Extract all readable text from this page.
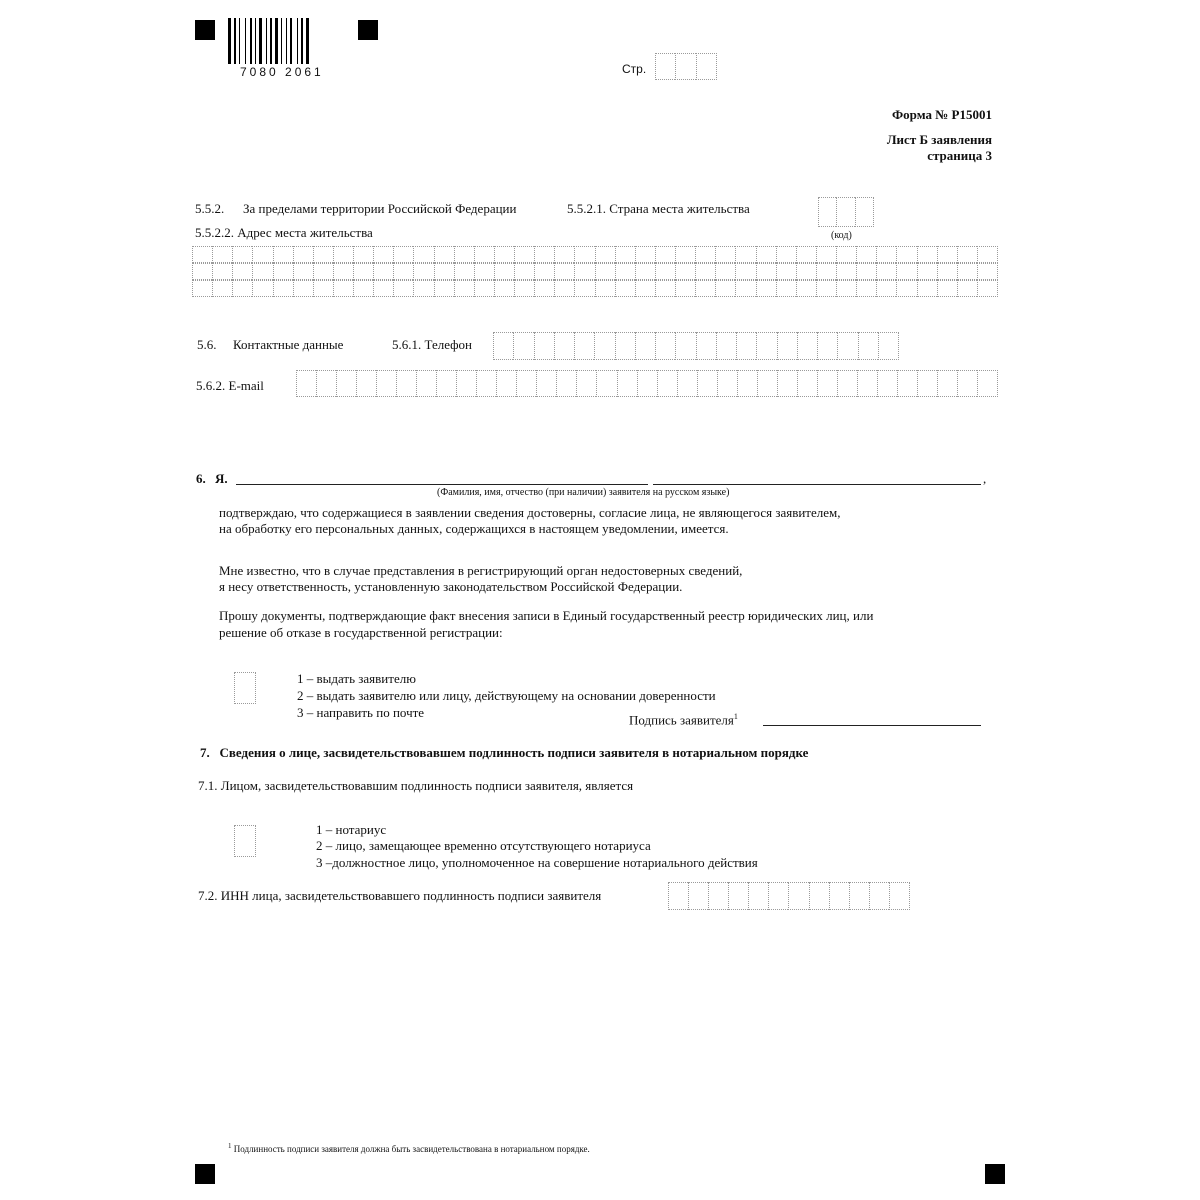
7080 2061	Стр.
Форма № Р15001
Лист Б заявления
страница 3
5.5.2. За пределами территории Российской Федерации	5.5.2.1. Страна места жительства
(код)
5.5.2.2. Адрес места жительства
5.6. Контактные данные	5.6.1. Телефон
5.6.2. E-mail
6. Я.	,
(Фамилия, имя, отчество (при наличии) заявителя на русском языке)
подтверждаю, что содержащиеся в заявлении сведения достоверны, согласие лица, не являющегося заявителем,
на обработку его персональных данных, содержащихся в настоящем уведомлении, имеется.
Мне известно, что в случае представления в регистрирующий орган недостоверных сведений,
я несу ответственность, установленную законодательством Российской Федерации.
Прошу документы, подтверждающие факт внесения записи в Единый государственный реестр юридических лиц, или
решение об отказе в государственной регистрации:
1 – выдать заявителю
2 – выдать заявителю или лицу, действующему на основании доверенности
3 – направить по почте	Подпись заявителя$^1$
7.   Сведения о лице, засвидетельствовавшем подлинность подписи заявителя в нотариальном порядке
7.1. Лицом, засвидетельствовавшим подлинность подписи заявителя, является
1 – нотариус
2 – лицо, замещающее временно отсутствующего нотариуса
3 –должностное лицо, уполномоченное на совершение нотариального действия
7.2. ИНН лица, засвидетельствовавшего подлинность подписи заявителя
$^1$ Подлинность подписи заявителя должна быть засвидетельствована в нотариальном порядке.
